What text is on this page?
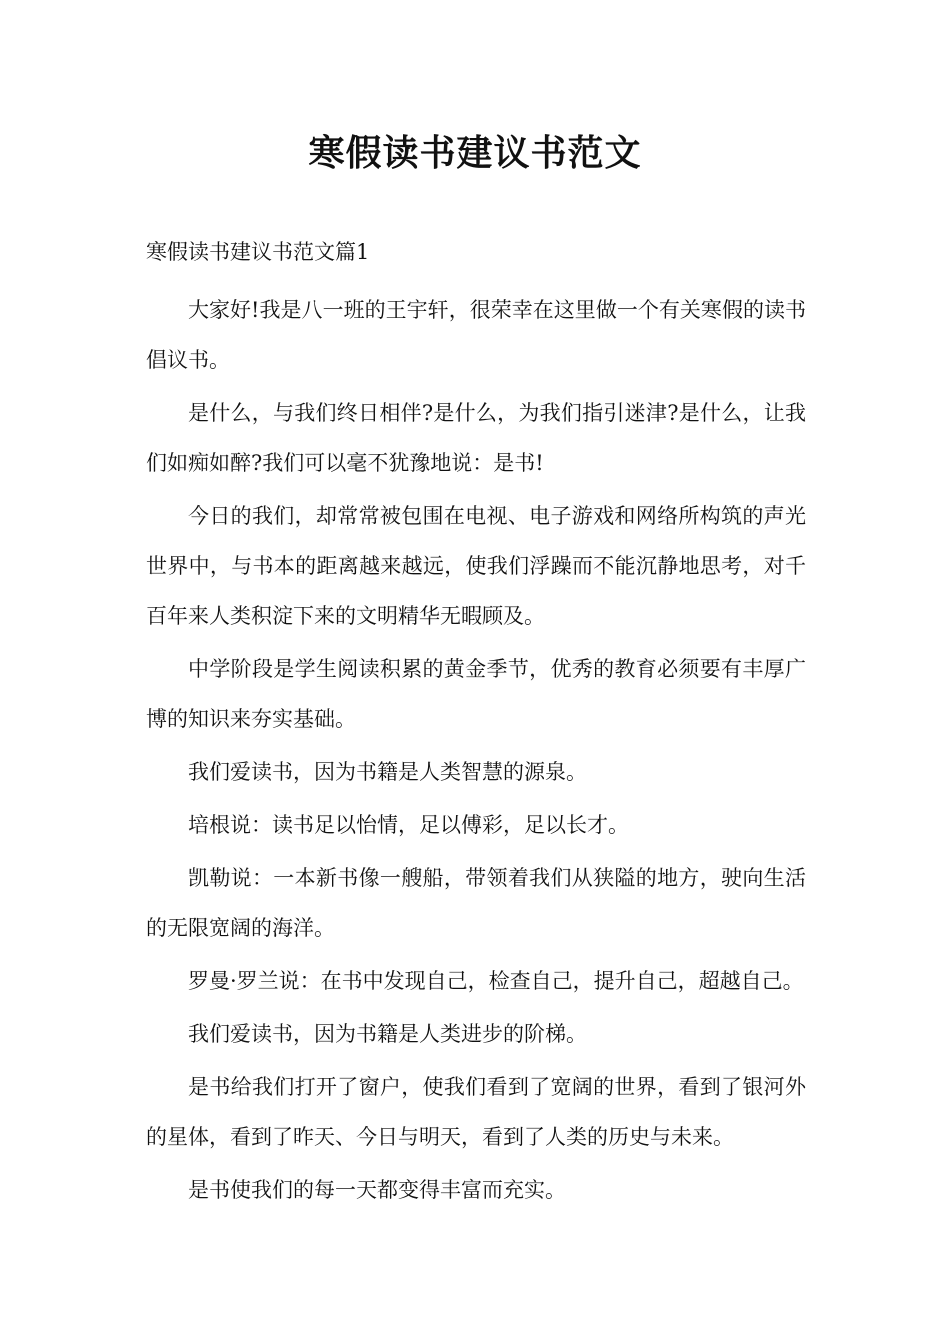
寒假读书建议书范文
寒假读书建议书范文篇1

大家好!我是八一班的王宇轩，很荣幸在这里做一个有关寒假的读书倡议书。

是什么，与我们终日相伴?是什么，为我们指引迷津?是什么，让我们如痴如醉?我们可以毫不犹豫地说：是书!

今日的我们，却常常被包围在电视、电子游戏和网络所构筑的声光世界中，与书本的距离越来越远，使我们浮躁而不能沉静地思考，对千百年来人类积淀下来的文明精华无暇顾及。

中学阶段是学生阅读积累的黄金季节，优秀的教育必须要有丰厚广博的知识来夯实基础。

我们爱读书，因为书籍是人类智慧的源泉。

培根说：读书足以怡情，足以傅彩，足以长才。

凯勒说：一本新书像一艘船，带领着我们从狭隘的地方，驶向生活的无限宽阔的海洋。

罗曼·罗兰说：在书中发现自己，检查自己，提升自己，超越自己。

我们爱读书，因为书籍是人类进步的阶梯。

是书给我们打开了窗户，使我们看到了宽阔的世界，看到了银河外的星体，看到了昨天、今日与明天，看到了人类的历史与未来。

是书使我们的每一天都变得丰富而充实。
